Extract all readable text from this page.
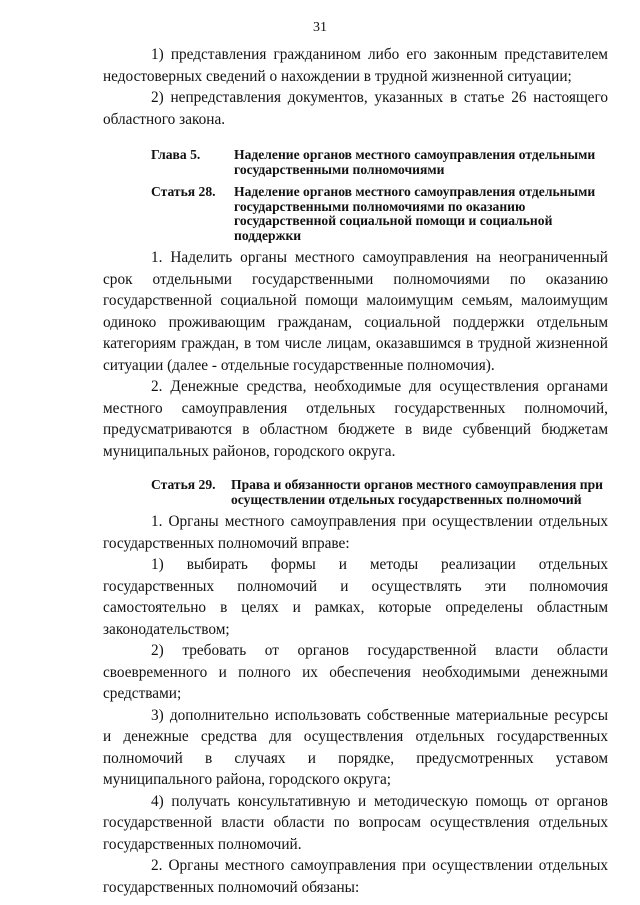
31

1) представления гражданином либо его законным представителем недостоверных сведений о нахождении в трудной жизненной ситуации;

2) непредставления документов, указанных в статье 26 настоящего областного закона.

Глава 5.	Наделение органов местного самоуправления отдельными государственными полномочиями
Статья 28.	Наделение органов местного самоуправления отдельными государственными полномочиями по оказанию государственной социальной помощи и социальной поддержки

1. Наделить органы местного самоуправления на неограниченный срок отдельными государственными полномочиями по оказанию государственной социальной помощи малоимущим семьям, малоимущим одиноко проживающим гражданам, социальной поддержки отдельным категориям граждан, в том числе лицам, оказавшимся в трудной жизненной ситуации (далее - отдельные государственные полномочия).

2. Денежные средства, необходимые для осуществления органами местного самоуправления отдельных государственных полномочий, предусматриваются в областном бюджете в виде субвенций бюджетам муниципальных районов, городского округа.

Статья 29.	Права и обязанности органов местного самоуправления при осуществлении отдельных государственных полномочий

1. Органы местного самоуправления при осуществлении отдельных государственных полномочий вправе:

1) выбирать формы и методы реализации отдельных государственных полномочий и осуществлять эти полномочия самостоятельно в целях и рамках, которые определены областным законодательством;

2) требовать от органов государственной власти области своевременного и полного их обеспечения необходимыми денежными средствами;

3) дополнительно использовать собственные материальные ресурсы и денежные средства для осуществления отдельных государственных полномочий в случаях и порядке, предусмотренных уставом муниципального района, городского округа;

4) получать консультативную и методическую помощь от органов государственной власти области по вопросам осуществления отдельных государственных полномочий.

2. Органы местного самоуправления при осуществлении отдельных государственных полномочий обязаны:
